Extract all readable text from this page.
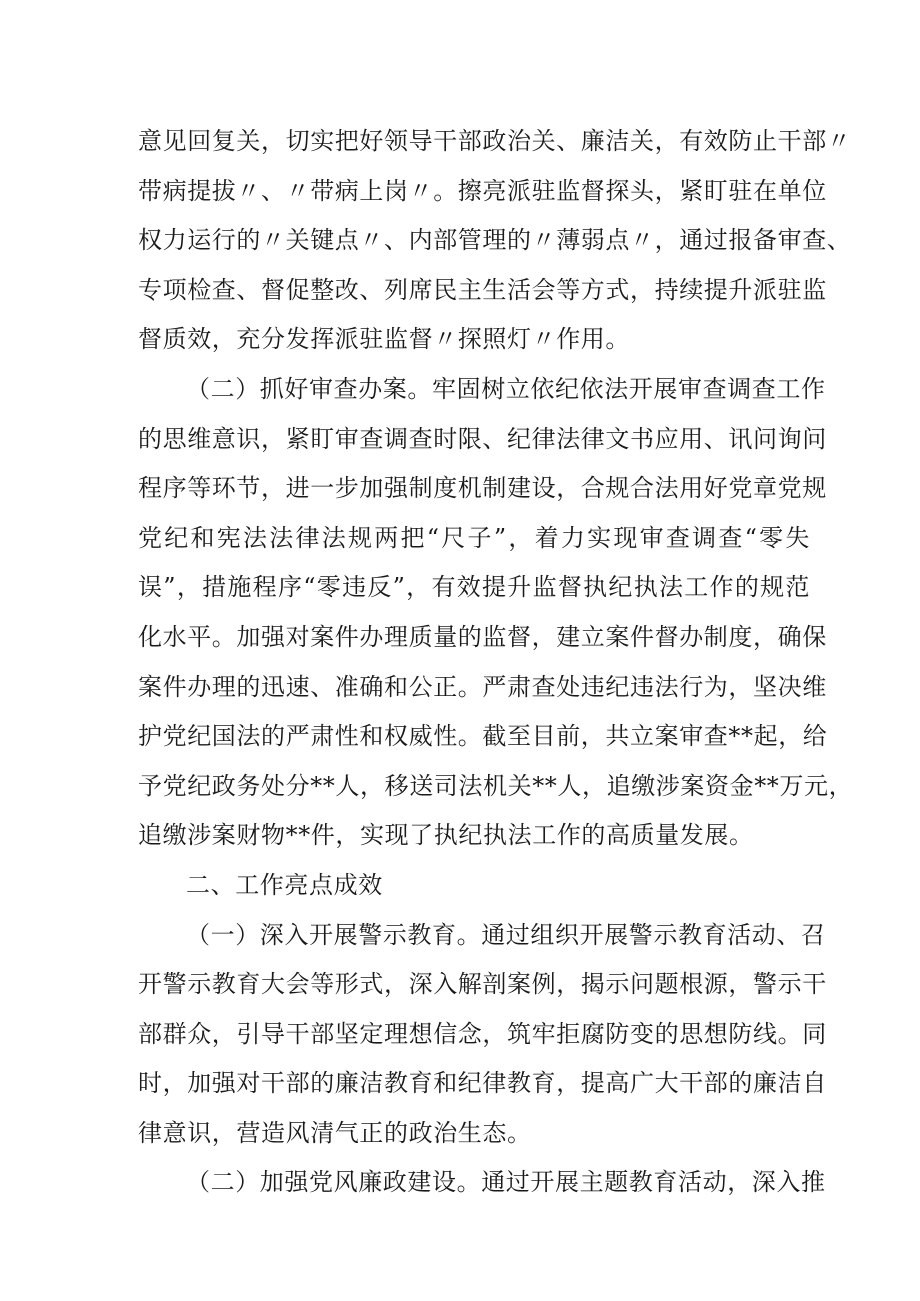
意见回复关，切实把好领导干部政治关、廉洁关，有效防止干部〃
带病提拔〃、〃带病上岗〃。擦亮派驻监督探头，紧盯驻在单位
权力运行的〃关键点〃、内部管理的〃薄弱点〃，通过报备审查、
专项检查、督促整改、列席民主生活会等方式，持续提升派驻监
督质效，充分发挥派驻监督〃探照灯〃作用。

（二）抓好审查办案。牢固树立依纪依法开展审查调查工作
的思维意识，紧盯审查调查时限、纪律法律文书应用、讯问询问
程序等环节，进一步加强制度机制建设，合规合法用好党章党规
党纪和宪法法律法规两把“尺子”，着力实现审查调查“零失
误”，措施程序“零违反”，有效提升监督执纪执法工作的规范
化水平。加强对案件办理质量的监督，建立案件督办制度，确保
案件办理的迅速、准确和公正。严肃查处违纪违法行为，坚决维
护党纪国法的严肃性和权威性。截至目前，共立案审查**起，给
予党纪政务处分**人，移送司法机关**人，追缴涉案资金**万元，
追缴涉案财物**件，实现了执纪执法工作的高质量发展。

二、工作亮点成效

（一）深入开展警示教育。通过组织开展警示教育活动、召
开警示教育大会等形式，深入解剖案例，揭示问题根源，警示干
部群众，引导干部坚定理想信念，筑牢拒腐防变的思想防线。同
时，加强对干部的廉洁教育和纪律教育，提高广大干部的廉洁自
律意识，营造风清气正的政治生态。

（二）加强党风廉政建设。通过开展主题教育活动，深入推
